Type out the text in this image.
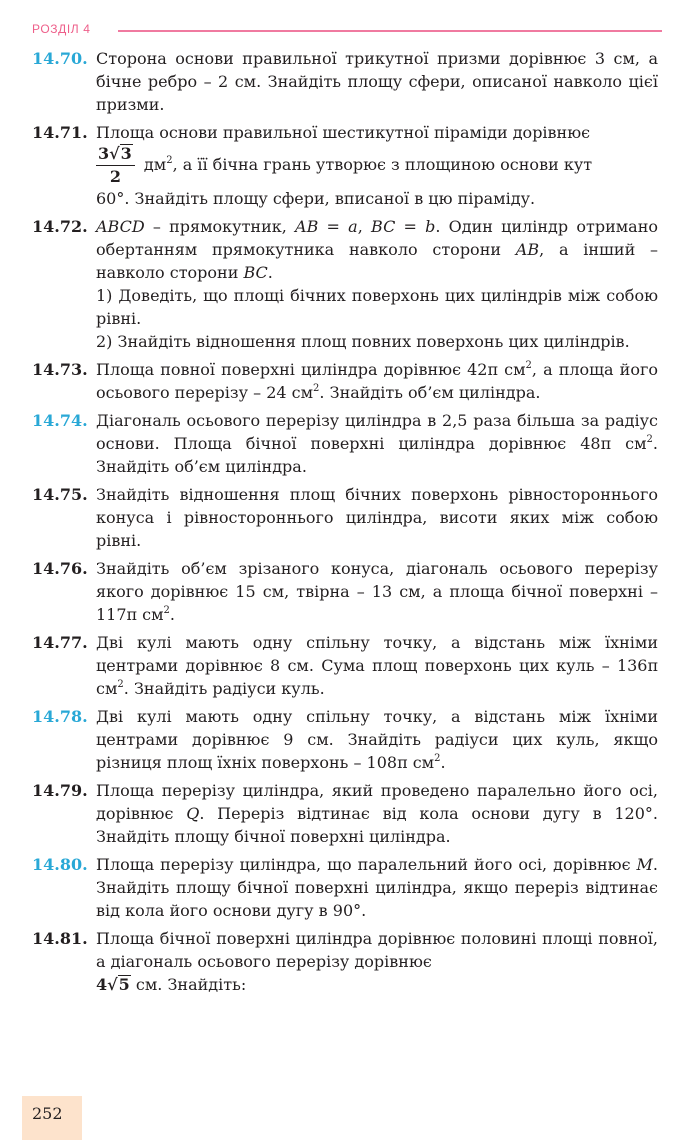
РОЗДІЛ 4
14.70. Сторона основи правильної трикутної призми дорівнює 3 см, а бічне ребро – 2 см. Знайдіть площу сфери, описаної навколо цієї призми.

14.71. Площа основи правильної шестикутної піраміди дорівнює

$\frac{3√3}{2} дм^2$, а її бічна грань утворює з площиною основи кут

60°. Знайдіть площу сфери, вписаної в цю піраміду.

14.72. ABCD – прямокутник, AB = a, BC = b. Один циліндр отримано обертанням прямокутника навколо сторони AB, а інший – навколо сторони BC.

1) Доведіть, що площі бічних поверхонь цих циліндрів між собою рівні.

2) Знайдіть відношення площ повних поверхонь цих циліндрів.

14.73. Площа повної поверхні циліндра дорівнює 42π $см^2$, а площа його осьового перерізу – 24 $см^2$. Знайдіть об’єм циліндра.

14.74. Діагональ осьового перерізу циліндра в 2,5 раза більша за радіус основи. Площа бічної поверхні циліндра дорівнює 48π $см^2$. Знайдіть об’єм циліндра.

14.75. Знайдіть відношення площ бічних поверхонь рівностороннього конуса і рівностороннього циліндра, висоти яких між собою рівні.

14.76. Знайдіть об’єм зрізаного конуса, діагональ осьового перерізу якого дорівнює 15 см, твірна – 13 см, а площа бічної поверхні – 117π $см^2$.

14.77. Дві кулі мають одну спільну точку, а відстань між їхніми центрами дорівнює 8 см. Сума площ поверхонь цих куль – 136π $см^2$. Знайдіть радіуси куль.

14.78. Дві кулі мають одну спільну точку, а відстань між їхніми центрами дорівнює 9 см. Знайдіть радіуси цих куль, якщо різниця площ їхніх поверхонь – 108π $см^2$.

14.79. Площа перерізу циліндра, який проведено паралельно його осі, дорівнює Q. Переріз відтинає від кола основи дугу в 120°. Знайдіть площу бічної поверхні циліндра.

14.80. Площа перерізу циліндра, що паралельний його осі, дорівнює M. Знайдіть площу бічної поверхні циліндра, якщо переріз відтинає від кола його основи дугу в 90°.

14.81. Площа бічної поверхні циліндра дорівнює половині площі повної, а діагональ осьового перерізу дорівнює

4√5 см. Знайдіть:

252
